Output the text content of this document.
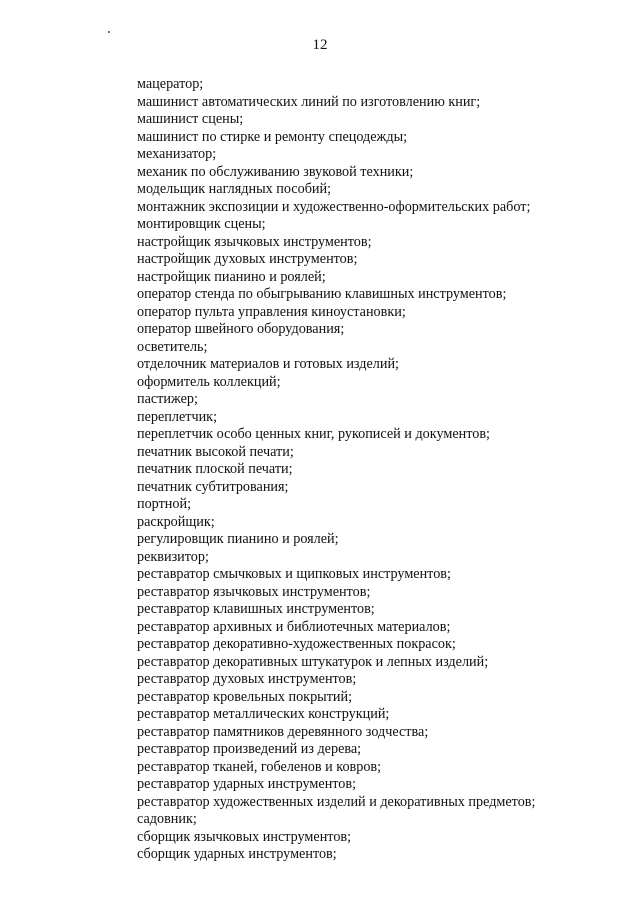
12
мацератор;
машинист автоматических линий по изготовлению книг;
машинист сцены;
машинист по стирке и ремонту спецодежды;
механизатор;
механик по обслуживанию звуковой техники;
модельщик наглядных пособий;
монтажник экспозиции и художественно-оформительских работ;
монтировщик сцены;
настройщик язычковых инструментов;
настройщик духовых инструментов;
настройщик пианино и роялей;
оператор стенда по обыгрыванию клавишных инструментов;
оператор пульта управления киноустановки;
оператор швейного оборудования;
осветитель;
отделочник материалов и готовых изделий;
оформитель коллекций;
пастижер;
переплетчик;
переплетчик особо ценных книг, рукописей и документов;
печатник высокой печати;
печатник плоской печати;
печатник субтитрования;
портной;
раскройщик;
регулировщик пианино и роялей;
реквизитор;
реставратор смычковых и щипковых инструментов;
реставратор язычковых инструментов;
реставратор клавишных инструментов;
реставратор архивных и библиотечных материалов;
реставратор декоративно-художественных покрасок;
реставратор декоративных штукатурок и лепных изделий;
реставратор духовых инструментов;
реставратор кровельных покрытий;
реставратор металлических конструкций;
реставратор памятников деревянного зодчества;
реставратор произведений из дерева;
реставратор тканей, гобеленов и ковров;
реставратор ударных инструментов;
реставратор художественных изделий и декоративных предметов;
садовник;
сборщик язычковых инструментов;
сборщик ударных инструментов;
